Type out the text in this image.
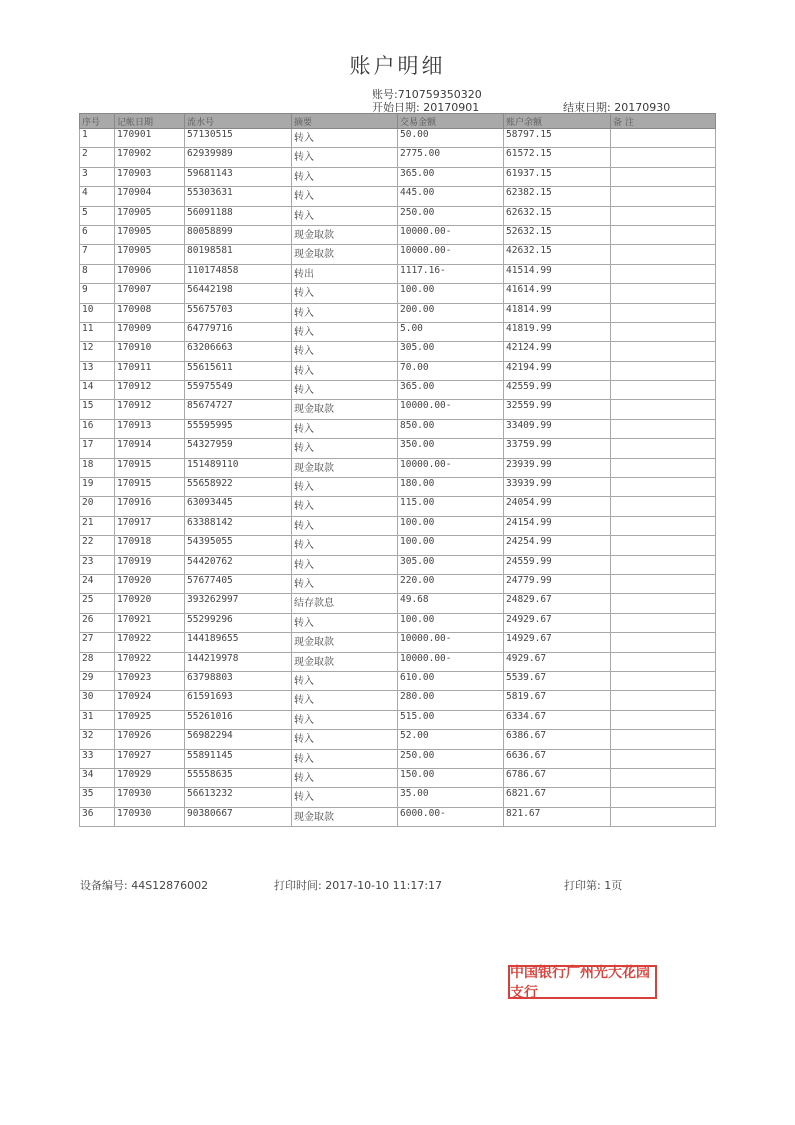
账户明细
账号:710759350320
开始日期: 20170901	结束日期: 20170930
序号	记帐日期	流水号	摘要	交易金额	账户余额	备 注
1	170901	57130515	转入	50.00	58797.15	
2	170902	62939989	转入	2775.00	61572.15	
3	170903	59681143	转入	365.00	61937.15	
4	170904	55303631	转入	445.00	62382.15	
5	170905	56091188	转入	250.00	62632.15	
6	170905	80058899	现金取款	10000.00-	52632.15	
7	170905	80198581	现金取款	10000.00-	42632.15	
8	170906	110174858	转出	1117.16-	41514.99	
9	170907	56442198	转入	100.00	41614.99	
10	170908	55675703	转入	200.00	41814.99	
11	170909	64779716	转入	5.00	41819.99	
12	170910	63206663	转入	305.00	42124.99	
13	170911	55615611	转入	70.00	42194.99	
14	170912	55975549	转入	365.00	42559.99	
15	170912	85674727	现金取款	10000.00-	32559.99	
16	170913	55595995	转入	850.00	33409.99	
17	170914	54327959	转入	350.00	33759.99	
18	170915	151489110	现金取款	10000.00-	23939.99	
19	170915	55658922	转入	180.00	33939.99	
20	170916	63093445	转入	115.00	24054.99	
21	170917	63388142	转入	100.00	24154.99	
22	170918	54395055	转入	100.00	24254.99	
23	170919	54420762	转入	305.00	24559.99	
24	170920	57677405	转入	220.00	24779.99	
25	170920	393262997	结存款息	49.68	24829.67	
26	170921	55299296	转入	100.00	24929.67	
27	170922	144189655	现金取款	10000.00-	14929.67	
28	170922	144219978	现金取款	10000.00-	4929.67	
29	170923	63798803	转入	610.00	5539.67	
30	170924	61591693	转入	280.00	5819.67	
31	170925	55261016	转入	515.00	6334.67	
32	170926	56982294	转入	52.00	6386.67	
33	170927	55891145	转入	250.00	6636.67	
34	170929	55558635	转入	150.00	6786.67	
35	170930	56613232	转入	35.00	6821.67	
36	170930	90380667	现金取款	6000.00-	821.67	
设备编号: 44S12876002	打印时间: 2017-10-10 11:17:17	打印第: 1页
中国银行广州光大花园支行
